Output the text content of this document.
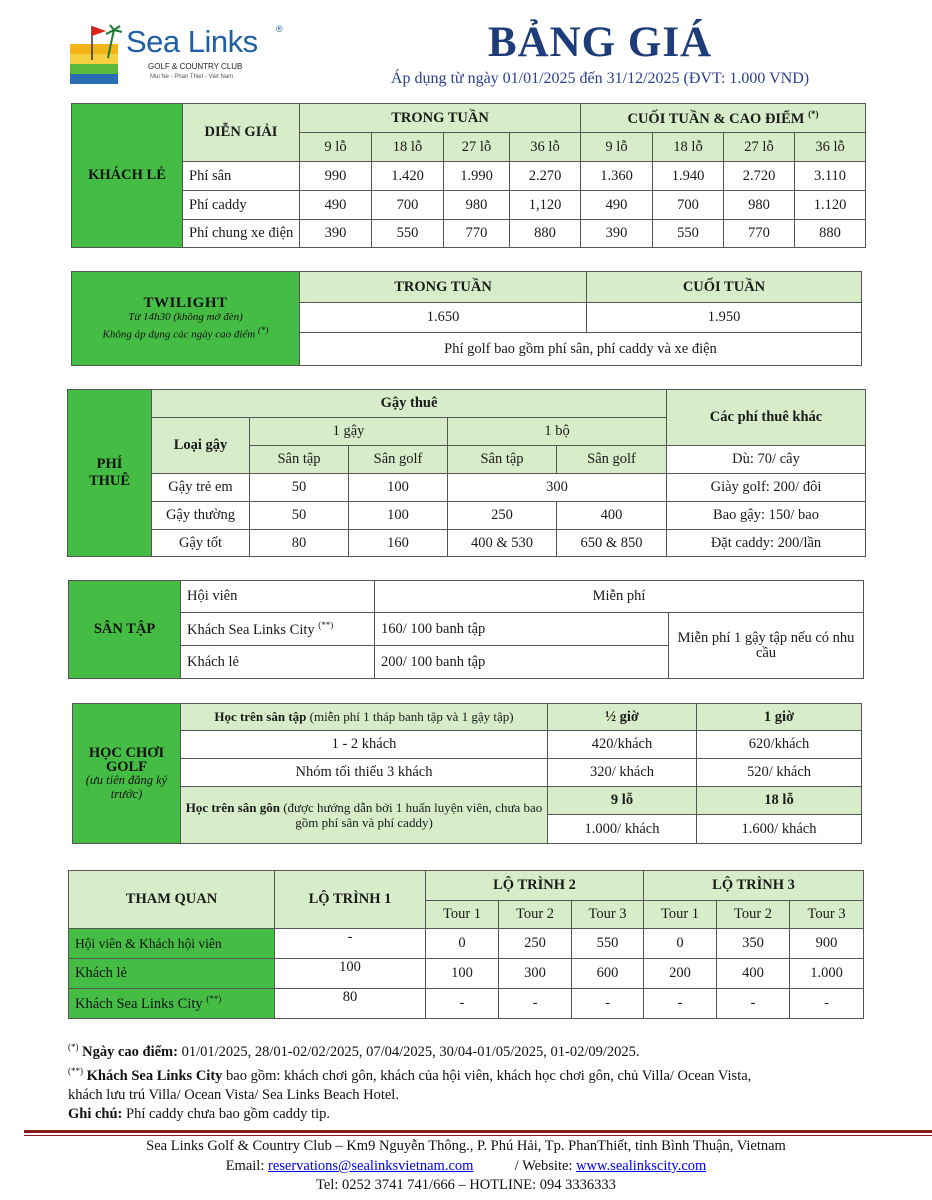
Sea Links ®
GOLF & COUNTRY CLUB
Mui Ne - Phan Thiet - Viet Nam
BẢNG GIÁ
Áp dụng từ ngày 01/01/2025 đến 31/12/2025 (ĐVT: 1.000 VND)
KHÁCH LẺ	DIỄN GIẢI	TRONG TUẦN				CUỐI TUẦN & CAO ĐIỂM (*)
		9 lỗ	18 lỗ	27 lỗ	36 lỗ	9 lỗ	18 lỗ	27 lỗ	36 lỗ
	Phí sân	990	1.420	1.990	2.270	1.360	1.940	2.720	3.110
	Phí caddy	490	700	980	1,120	490	700	980	1.120
	Phí chung xe điện	390	550	770	880	390	550	770	880
TWILIGHT
Từ 14h30 (không mở đèn)
Không áp dụng các ngày cao điểm (*)	TRONG TUẦN	CUỐI TUẦN
	1.650	1.950
	Phí golf bao gồm phí sân, phí caddy và xe điện	
PHÍ
THUÊ	Gậy thuê					Các phí thuê khác
	Loại gậy	1 gậy		1 bộ		
		Sân tập	Sân golf	Sân tập	Sân golf	Dù: 70/ cây
	Gậy trẻ em	50	100	300		Giày golf: 200/ đôi
	Gậy thường	50	100	250	400	Bao gậy: 150/ bao
	Gậy tốt	80	160	400 & 530	650 & 850	Đặt caddy: 200/lần
SÂN TẬP	Hội viên	Miễn phí	
	Khách Sea Links City (**)	160/ 100 banh tập	Miễn phí 1 gậy tập nếu có nhu cầu
	Khách lẻ	200/ 100 banh tập	
HỌC CHƠI
GOLF
(ưu tiên đăng ký trước)	Học trên sân tập (miễn phí 1 tháp banh tập và 1 gậy tập)	½ giờ	1 giờ
	1 - 2 khách	420/khách	620/khách
	Nhóm tối thiểu 3 khách	320/ khách	520/ khách
	Học trên sân gôn (được hướng dẫn bởi 1 huấn luyện viên, chưa bao gồm phí sân và phí caddy)	9 lỗ	18 lỗ
		1.000/ khách	1.600/ khách
THAM QUAN	LỘ TRÌNH 1	LỘ TRÌNH 2			LỘ TRÌNH 3		
		Tour 1	Tour 2	Tour 3	Tour 1	Tour 2	Tour 3
Hội viên & Khách hội viên	-	0	250	550	0	350	900
Khách lẻ	100	100	300	600	200	400	1.000
Khách Sea Links City (**)	80	-	-	-	-	-	-
(*) Ngày cao điểm: 01/01/2025, 28/01-02/02/2025, 07/04/2025, 30/04-01/05/2025, 01-02/09/2025.
(**) Khách Sea Links City bao gồm: khách chơi gôn, khách của hội viên, khách học chơi gôn, chủ Villa/ Ocean Vista,
khách lưu trú Villa/ Ocean Vista/ Sea Links Beach Hotel.
Ghi chú: Phí caddy chưa bao gồm caddy tip.
Sea Links Golf & Country Club – Km9 Nguyễn Thông., P. Phú Hải, Tp. PhanThiết, tỉnh Bình Thuận, Vietnam
Email: reservations@sealinksvietnam.com	/ Website: www.sealinkscity.com
Tel: 0252 3741 741/666 – HOTLINE: 094 3336333
